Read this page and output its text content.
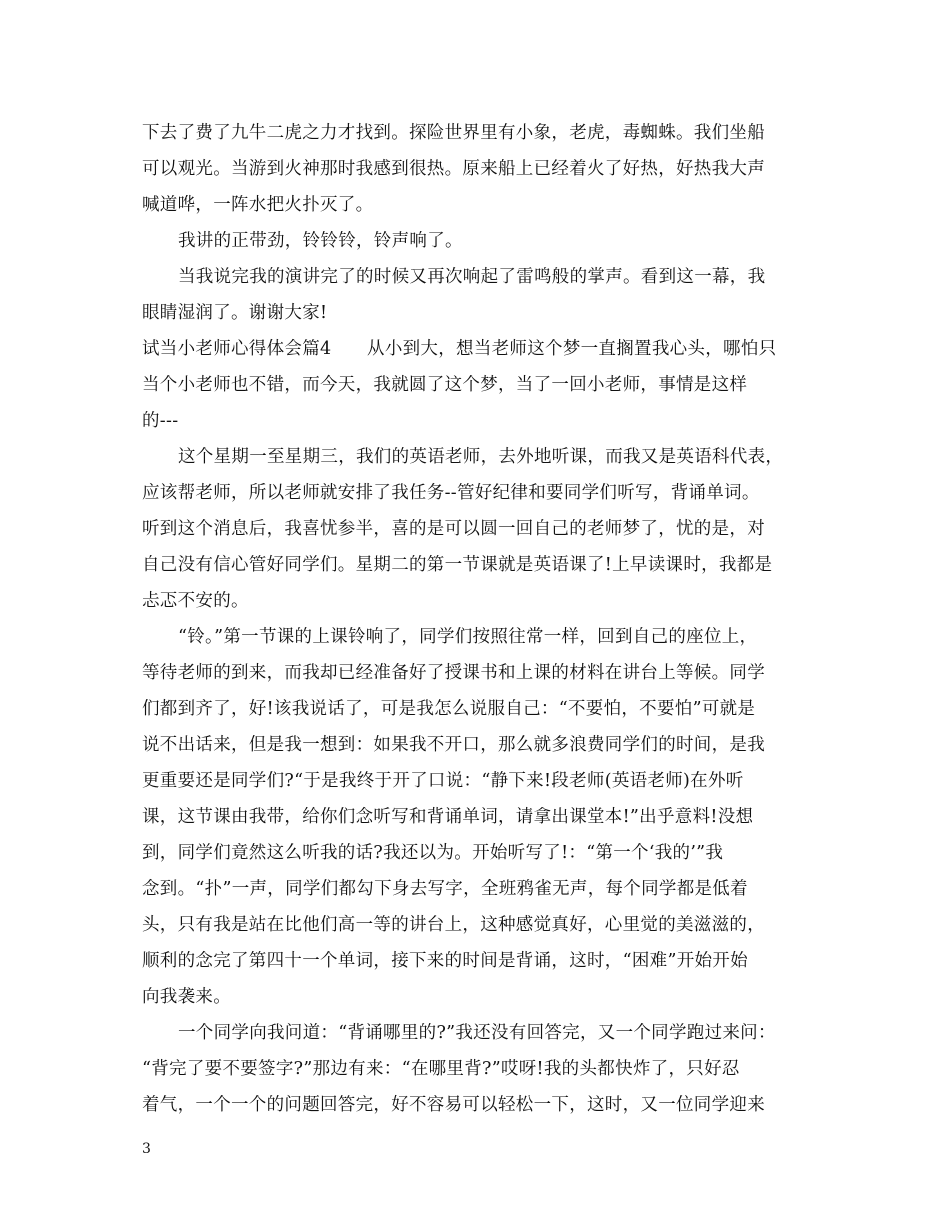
下去了费了九牛二虎之力才找到。探险世界里有小象，老虎，毒蜘蛛。我们坐船
可以观光。当游到火神那时我感到很热。原来船上已经着火了好热，好热我大声
喊道哗，一阵水把火扑灭了。
我讲的正带劲，铃铃铃，铃声响了。
当我说完我的演讲完了的时候又再次响起了雷鸣般的掌声。看到这一幕，我
眼睛湿润了。谢谢大家!
试当小老师心得体会篇4　　从小到大，想当老师这个梦一直搁置我心头，哪怕只
当个小老师也不错，而今天，我就圆了这个梦，当了一回小老师，事情是这样
的---
这个星期一至星期三，我们的英语老师，去外地听课，而我又是英语科代表，
应该帮老师，所以老师就安排了我任务--管好纪律和要同学们听写，背诵单词。
听到这个消息后，我喜忧参半，喜的是可以圆一回自己的老师梦了，忧的是，对
自己没有信心管好同学们。星期二的第一节课就是英语课了!上早读课时，我都是
忐忑不安的。
“铃。”第一节课的上课铃响了，同学们按照往常一样，回到自己的座位上，
等待老师的到来，而我却已经准备好了授课书和上课的材料在讲台上等候。同学
们都到齐了，好!该我说话了，可是我怎么说服自己：“不要怕，不要怕”可就是
说不出话来，但是我一想到：如果我不开口，那么就多浪费同学们的时间，是我
更重要还是同学们?“于是我终于开了口说：“静下来!段老师(英语老师)在外听
课，这节课由我带，给你们念听写和背诵单词，请拿出课堂本!”出乎意料!没想
到，同学们竟然这么听我的话?我还以为。开始听写了!：“第一个‘我的’”我
念到。“扑”一声，同学们都勾下身去写字，全班鸦雀无声，每个同学都是低着
头，只有我是站在比他们高一等的讲台上，这种感觉真好，心里觉的美滋滋的，
顺利的念完了第四十一个单词，接下来的时间是背诵，这时，“困难”开始开始
向我袭来。
一个同学向我问道：“背诵哪里的?”我还没有回答完，又一个同学跑过来问：
“背完了要不要签字?”那边有来：“在哪里背?”哎呀!我的头都快炸了，只好忍
着气，一个一个的问题回答完，好不容易可以轻松一下，这时，又一位同学迎来
3
